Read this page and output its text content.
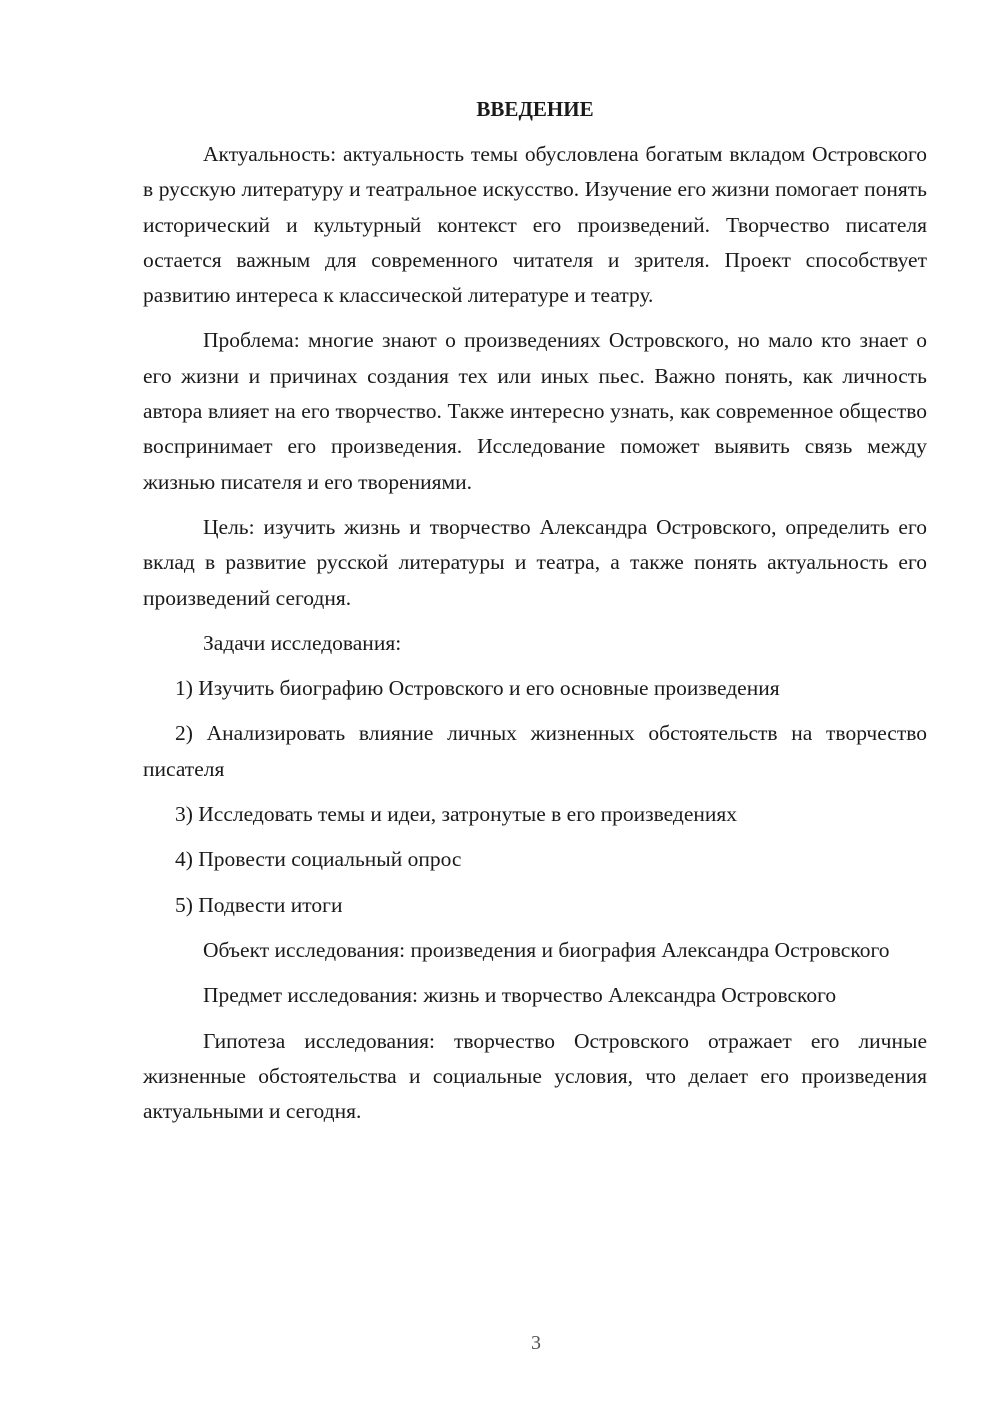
ВВЕДЕНИЕ

Актуальность: актуальность темы обусловлена богатым вкладом Островского в русскую литературу и театральное искусство. Изучение его жизни помогает понять исторический и культурный контекст его произведений. Творчество писателя остается важным для современного читателя и зрителя. Проект способствует развитию интереса к классической литературе и театру.

Проблема: многие знают о произведениях Островского, но мало кто знает о его жизни и причинах создания тех или иных пьес. Важно понять, как личность автора влияет на его творчество. Также интересно узнать, как современное общество воспринимает его произведения. Исследование поможет выявить связь между жизнью писателя и его творениями.

Цель: изучить жизнь и творчество Александра Островского, определить его вклад в развитие русской литературы и театра, а также понять актуальность его произведений сегодня.

Задачи исследования:

1) Изучить биографию Островского и его основные произведения

2) Анализировать влияние личных жизненных обстоятельств на творчество писателя

3) Исследовать темы и идеи, затронутые в его произведениях

4) Провести социальный опрос

5) Подвести итоги

Объект исследования: произведения и биография Александра Островского

Предмет исследования: жизнь и творчество Александра Островского

Гипотеза исследования: творчество Островского отражает его личные жизненные обстоятельства и социальные условия, что делает его произведения актуальными и сегодня.

3
